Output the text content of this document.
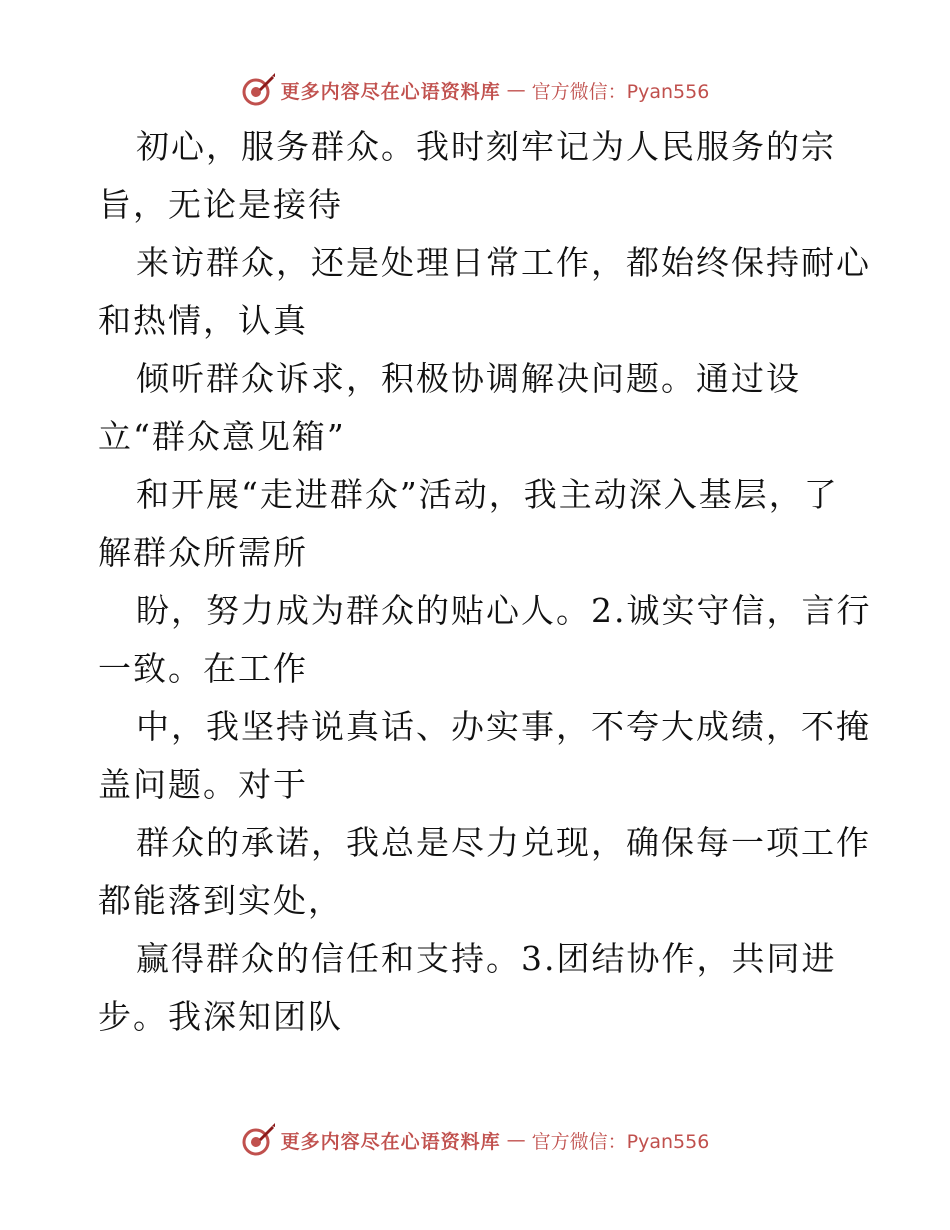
更多内容尽在心语资料库 — 官方微信：Pyan556
初心，服务群众。我时刻牢记为人民服务的宗
旨，无论是接待
来访群众，还是处理日常工作，都始终保持耐心
和热情，认真
倾听群众诉求，积极协调解决问题。通过设
立“群众意见箱”
和开展“走进群众”活动，我主动深入基层，了
解群众所需所
盼，努力成为群众的贴心人。2.诚实守信，言行
一致。在工作
中，我坚持说真话、办实事，不夸大成绩，不掩
盖问题。对于
群众的承诺，我总是尽力兑现，确保每一项工作
都能落到实处，
赢得群众的信任和支持。3.团结协作，共同进
步。我深知团队
更多内容尽在心语资料库 — 官方微信：Pyan556
